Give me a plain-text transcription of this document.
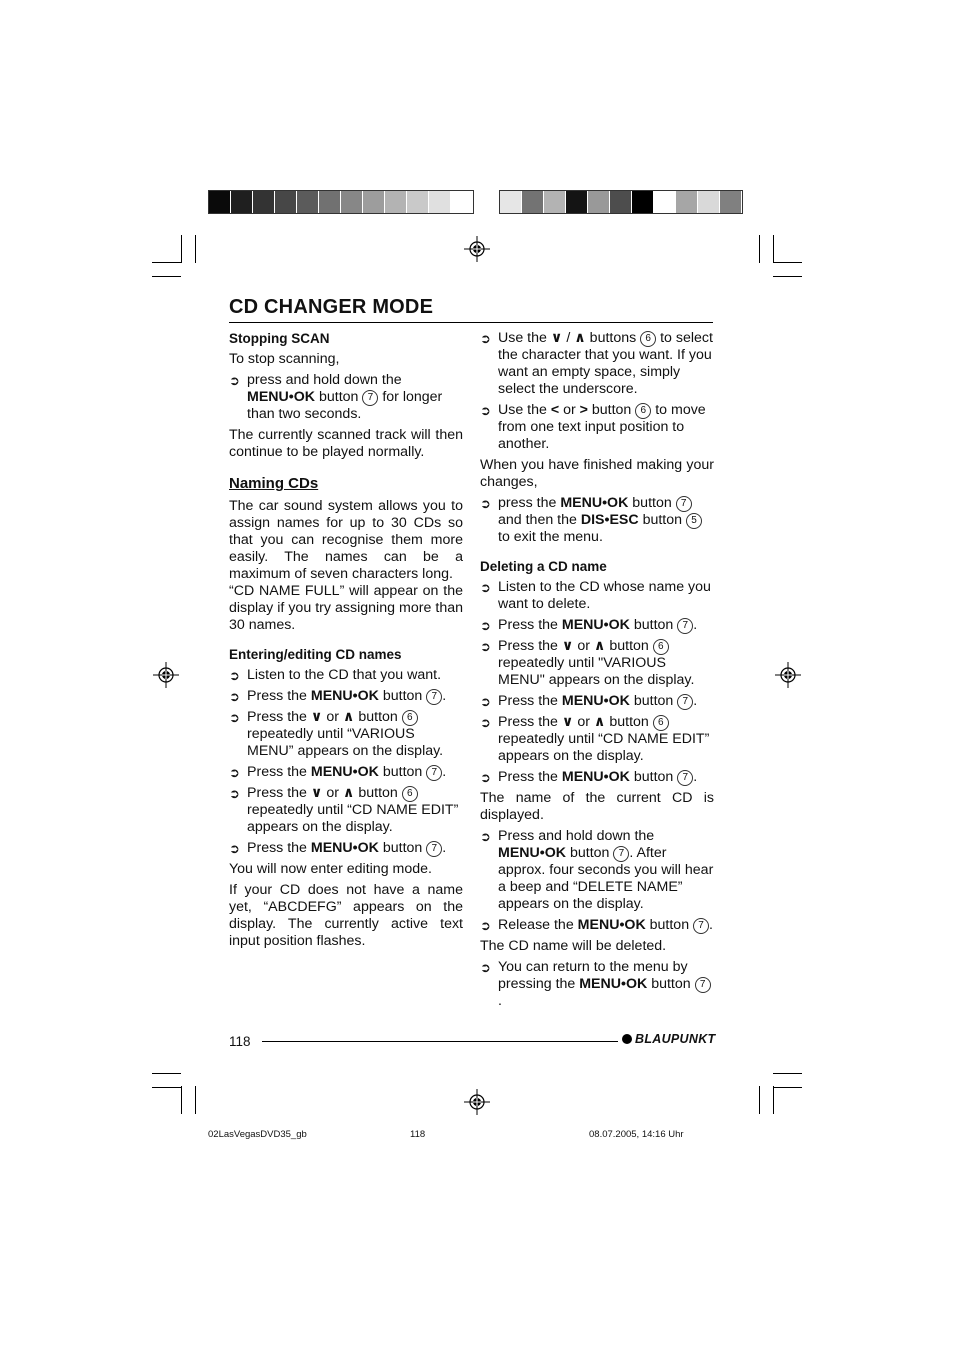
CD CHANGER MODE
Stopping SCAN

To stop scanning,

➲ press and hold down the MENU•OK button 7 for longer than two seconds.

The currently scanned track will then continue to be played normally.

Naming CDs

The car sound system allows you to assign names for up to 30 CDs so that you can recognise them more easily. The names can be a maximum of seven characters long.

“CD NAME FULL” will appear on the display if you try assigning more than 30 names.

Entering/editing CD names
➲ Listen to the CD that you want.
➲ Press the MENU•OK button 7 .
➲ Press the ∨ or ∧ button 6 repeatedly until “VARIOUS MENU” appears on the display.
➲ Press the MENU•OK button 7 .
➲ Press the ∨ or ∧ button 6 repeatedly until “CD NAME EDIT” appears on the display.
➲ Press the MENU•OK button 7 .

You will now enter editing mode.

If your CD does not have a name yet, “ABCDEFG” appears on the display. The currently active text input position flashes.

➲ Use the ∨ / ∧ buttons 6 to select the character that you want. If you want an empty space, simply select the underscore.
➲ Use the < or > button 6 to move from one text input position to another.

When you have finished making your changes,

➲ press the MENU•OK button 7 and then the DIS•ESC button 5 to exit the menu.
Deleting a CD name
➲ Listen to the CD whose name you want to delete.
➲ Press the MENU•OK button 7 .
➲ Press the ∨ or ∧ button 6 repeatedly until "VARIOUS MENU" appears on the display.
➲ Press the MENU•OK button 7 .
➲ Press the ∨ or ∧ button 6 repeatedly until “CD NAME EDIT” appears on the display.
➲ Press the MENU•OK button 7 .

The name of the current CD is displayed.

➲ Press and hold down the MENU•OK button 7 . After approx. four seconds you will hear a beep and “DELETE NAME” appears on the display.
➲ Release the MENU•OK button 7 .

The CD name will be deleted.

➲ You can return to the menu by pressing the MENU•OK button 7.
118	BLAUPUNKT
02LasVegasDVD35_gb	118	08.07.2005, 14:16 Uhr
